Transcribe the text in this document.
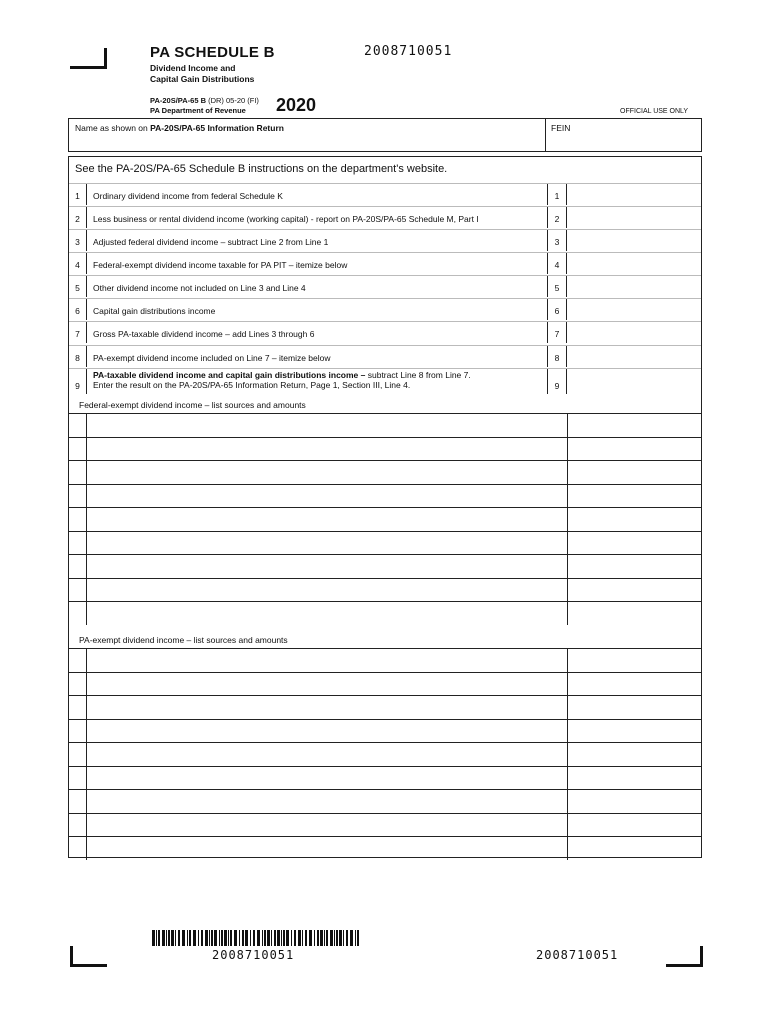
PA SCHEDULE B	2008710051
Dividend Income and
Capital Gain Distributions
PA-20S/PA-65 B (DR) 05-20 (FI)
PA Department of Revenue	2020	OFFICIAL USE ONLY
Name as shown on PA-20S/PA-65 Information Return	FEIN
See the PA-20S/PA-65 Schedule B instructions on the department's website.
1	Ordinary dividend income from federal Schedule K	1
2	Less business or rental dividend income (working capital) - report on PA-20S/PA-65 Schedule M, Part I	2
3	Adjusted federal dividend income – subtract Line 2 from Line 1	3
4	Federal-exempt dividend income taxable for PA PIT – itemize below	4
5	Other dividend income not included on Line 3 and Line 4	5
6	Capital gain distributions income	6
7	Gross PA-taxable dividend income – add Lines 3 through 6	7
8	PA-exempt dividend income included on Line 7 – itemize below	8
9
PA-taxable dividend income and capital gain distributions income – subtract Line 8 from Line 7.
Enter the result on the PA-20S/PA-65 Information Return, Page 1, Section III, Line 4.	9
Federal-exempt dividend income – list sources and amounts
PA-exempt dividend income – list sources and amounts
2008710051	2008710051
